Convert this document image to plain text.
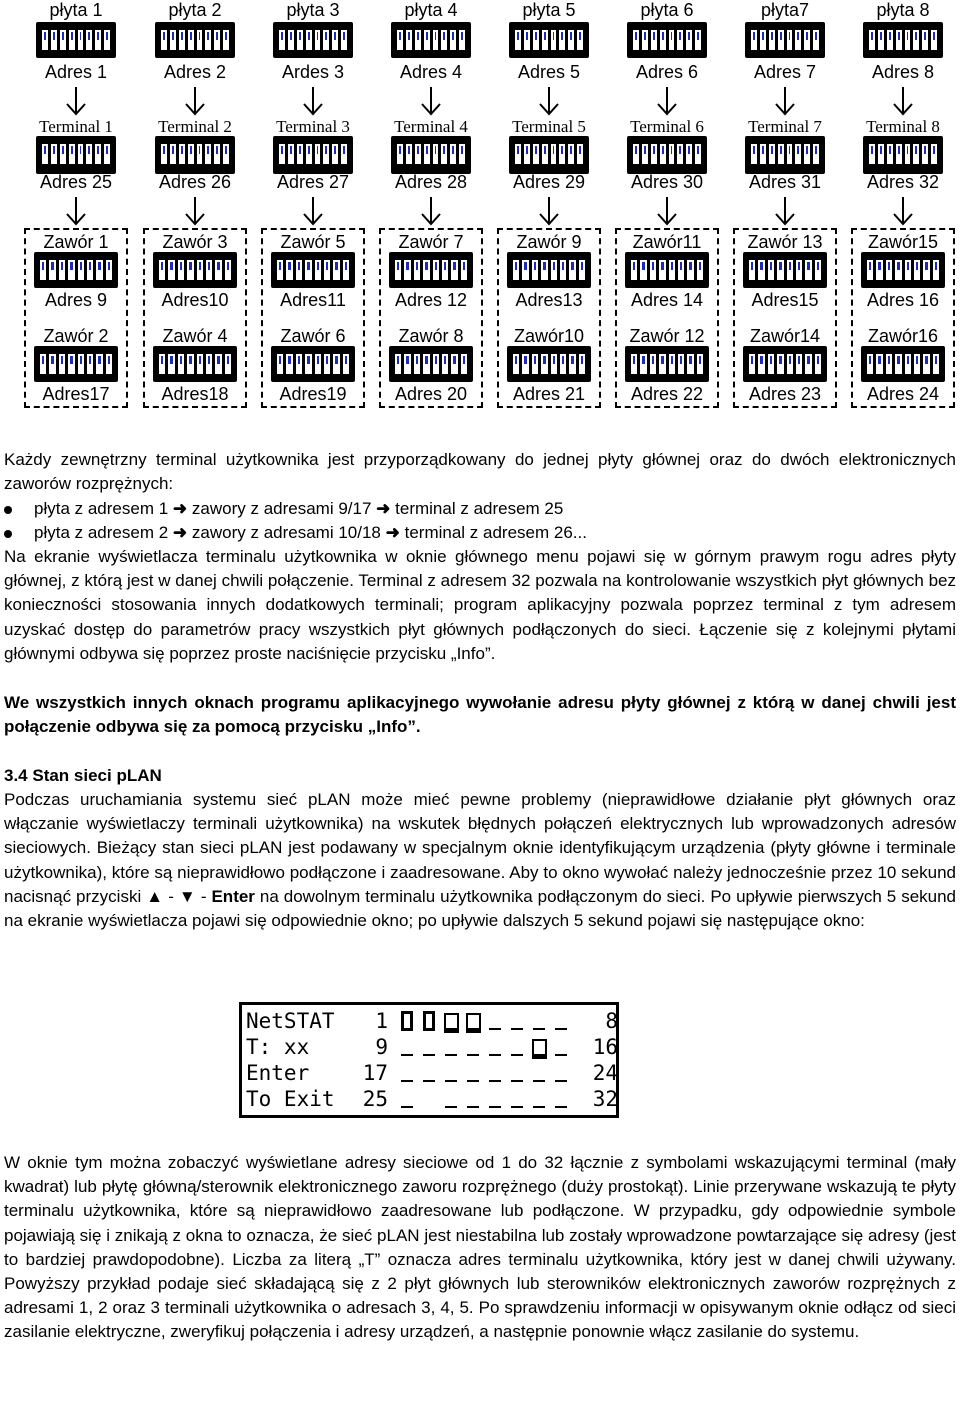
płyta 1
Adres 1
Terminal 1
Adres 25
Zawór 1
Adres 9
Zawór 2
Adres17
płyta 2
Adres 2
Terminal 2
Adres 26
Zawór 3
Adres10
Zawór 4
Adres18
płyta 3
Ardes 3
Terminal 3
Adres 27
Zawór 5
Adres11
Zawór 6
Adres19
płyta 4
Adres 4
Terminal 4
Adres 28
Zawór 7
Adres 12
Zawór 8
Adres 20
płyta 5
Adres 5
Terminal 5
Adres 29
Zawór 9
Adres13
Zawór10
Adres 21
płyta 6
Adres 6
Terminal 6
Adres 30
Zawór11
Adres 14
Zawór 12
Adres 22
płyta7
Adres 7
Terminal 7
Adres 31
Zawór 13
Adres15
Zawór14
Adres 23
płyta 8
Adres 8
Terminal 8
Adres 32
Zawór15
Adres 16
Zawór16
Adres 24
Każdy zewnętrzny terminal użytkownika jest przyporządkowany do jednej płyty głównej oraz do dwóch elektronicznych zaworów rozprężnych:
płyta z adresem 1 ➜ zawory z adresami 9/17 ➜ terminal z adresem 25
płyta z adresem 2 ➜ zawory z adresami 10/18 ➜ terminal z adresem 26...
Na ekranie wyświetlacza terminalu użytkownika w oknie głównego menu pojawi się w górnym prawym rogu adres płyty głównej, z którą jest w danej chwili połączenie. Terminal z adresem 32 pozwala na kontrolowanie wszystkich płyt głównych bez konieczności stosowania innych dodatkowych terminali; program aplikacyjny pozwala poprzez terminal z tym adresem uzyskać dostęp do parametrów pracy wszystkich płyt głównych podłączonych do sieci. Łączenie się z kolejnymi płytami głównymi odbywa się poprzez proste naciśnięcie przycisku „Info”.
We wszystkich innych oknach programu aplikacyjnego wywołanie adresu płyty głównej z którą w danej chwili jest połączenie odbywa się za pomocą przycisku „Info”.
3.4 Stan sieci pLAN
Podczas uruchamiania systemu sieć pLAN może mieć pewne problemy (nieprawidłowe działanie płyt głównych oraz włączanie wyświetlaczy terminali użytkownika) na wskutek błędnych połączeń elektrycznych lub wprowadzonych adresów sieciowych. Bieżący stan sieci pLAN jest podawany w specjalnym oknie identyfikującym urządzenia (płyty główne i terminale użytkownika), które są nieprawidłowo podłączone i zaadresowane. Aby to okno wywołać należy jednocześnie przez 10 sekund nacisnąć przyciski ▲ - ▼ - Enter na dowolnym terminalu użytkownika podłączonym do sieci. Po upływie pierwszych 5 sekund na ekranie wyświetlacza pojawi się odpowiednie okno; po upływie dalszych 5 sekund pojawi się następujące okno:
NetSTAT	1	8
T: xx	9	16
Enter	17	24
To Exit	25	32
W oknie tym można zobaczyć wyświetlane adresy sieciowe od 1 do 32 łącznie z symbolami wskazującymi terminal (mały kwadrat) lub płytę główną/sterownik elektronicznego zaworu rozprężnego (duży prostokąt). Linie przerywane wskazują te płyty terminalu użytkownika, które są nieprawidłowo zaadresowane lub podłączone. W przypadku, gdy odpowiednie symbole pojawiają się i znikają z okna to oznacza, że sieć pLAN jest niestabilna lub zostały wprowadzone powtarzające się adresy (jest to bardziej prawdopodobne). Liczba za literą „T” oznacza adres terminalu użytkownika, który jest w danej chwili używany. Powyższy przykład podaje sieć składającą się z 2 płyt głównych lub sterowników elektronicznych zaworów rozprężnych z adresami 1, 2 oraz 3 terminali użytkownika o adresach 3, 4, 5. Po sprawdzeniu informacji w opisywanym oknie odłącz od sieci zasilanie elektryczne, zweryfikuj połączenia i adresy urządzeń, a następnie ponownie włącz zasilanie do systemu.
